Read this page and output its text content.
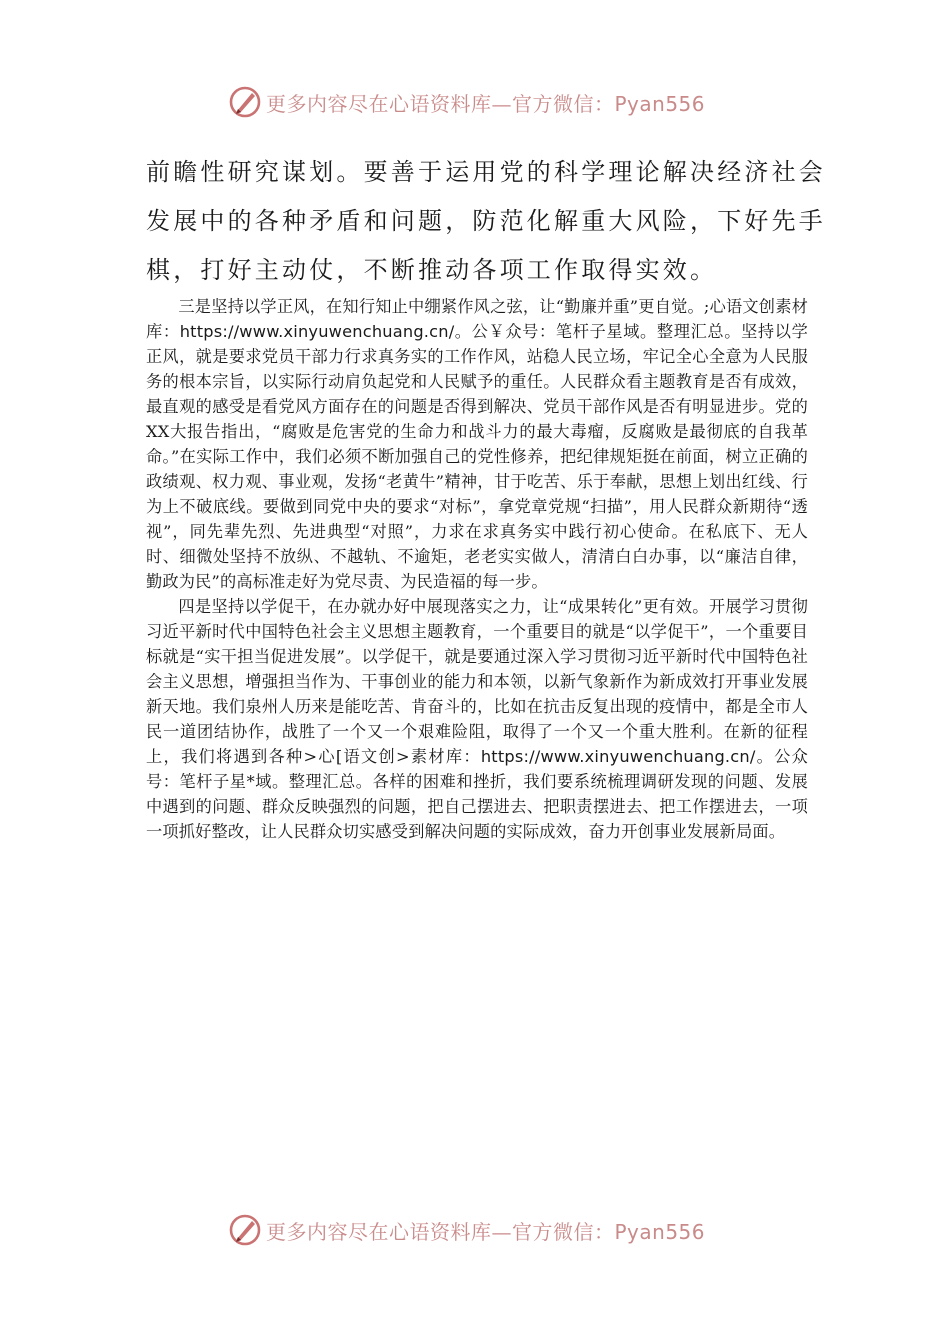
更多内容尽在心语资料库—官方微信：Pyan556
前瞻性研究谋划。要善于运用党的科学理论解决经济社会
发展中的各种矛盾和问题，防范化解重大风险，下好先手
棋，打好主动仗，不断推动各项工作取得实效。

三是坚持以学正风，在知行知止中绷紧作风之弦，让“勤廉并重”更自觉。;心语文创素材库：https://www.xinyuwenchuang.cn/。公￥众号：笔杆子星域。整理汇总。坚持以学正风，就是要求党员干部力行求真务实的工作作风，站稳人民立场，牢记全心全意为人民服务的根本宗旨，以实际行动肩负起党和人民赋予的重任。人民群众看主题教育是否有成效，最直观的感受是看党风方面存在的问题是否得到解决、党员干部作风是否有明显进步。党的XX大报告指出，“腐败是危害党的生命力和战斗力的最大毒瘤，反腐败是最彻底的自我革命。”在实际工作中，我们必须不断加强自己的党性修养，把纪律规矩挺在前面，树立正确的政绩观、权力观、事业观，发扬“老黄牛”精神，甘于吃苦、乐于奉献，思想上划出红线、行为上不破底线。要做到同党中央的要求“对标”，拿党章党规“扫描”，用人民群众新期待“透视”，同先辈先烈、先进典型“对照”，力求在求真务实中践行初心使命。在私底下、无人时、细微处坚持不放纵、不越轨、不逾矩，老老实实做人，清清白白办事，以“廉洁自律，勤政为民”的高标准走好为党尽责、为民造福的每一步。

四是坚持以学促干，在办就办好中展现落实之力，让“成果转化”更有效。开展学习贯彻习近平新时代中国特色社会主义思想主题教育，一个重要目的就是“以学促干”，一个重要目标就是“实干担当促进发展”。以学促干，就是要通过深入学习贯彻习近平新时代中国特色社会主义思想，增强担当作为、干事创业的能力和本领，以新气象新作为新成效打开事业发展新天地。我们泉州人历来是能吃苦、肯奋斗的，比如在抗击反复出现的疫情中，都是全市人民一道团结协作，战胜了一个又一个艰难险阻，取得了一个又一个重大胜利。在新的征程上，我们将遇到各种>心[语文创>素材库：https://www.xinyuwenchuang.cn/。公众号：笔杆子星*域。整理汇总。各样的困难和挫折，我们要系统梳理调研发现的问题、发展中遇到的问题、群众反映强烈的问题，把自己摆进去、把职责摆进去、把工作摆进去，一项一项抓好整改，让人民群众切实感受到解决问题的实际成效，奋力开创事业发展新局面。

更多内容尽在心语资料库—官方微信：Pyan556
